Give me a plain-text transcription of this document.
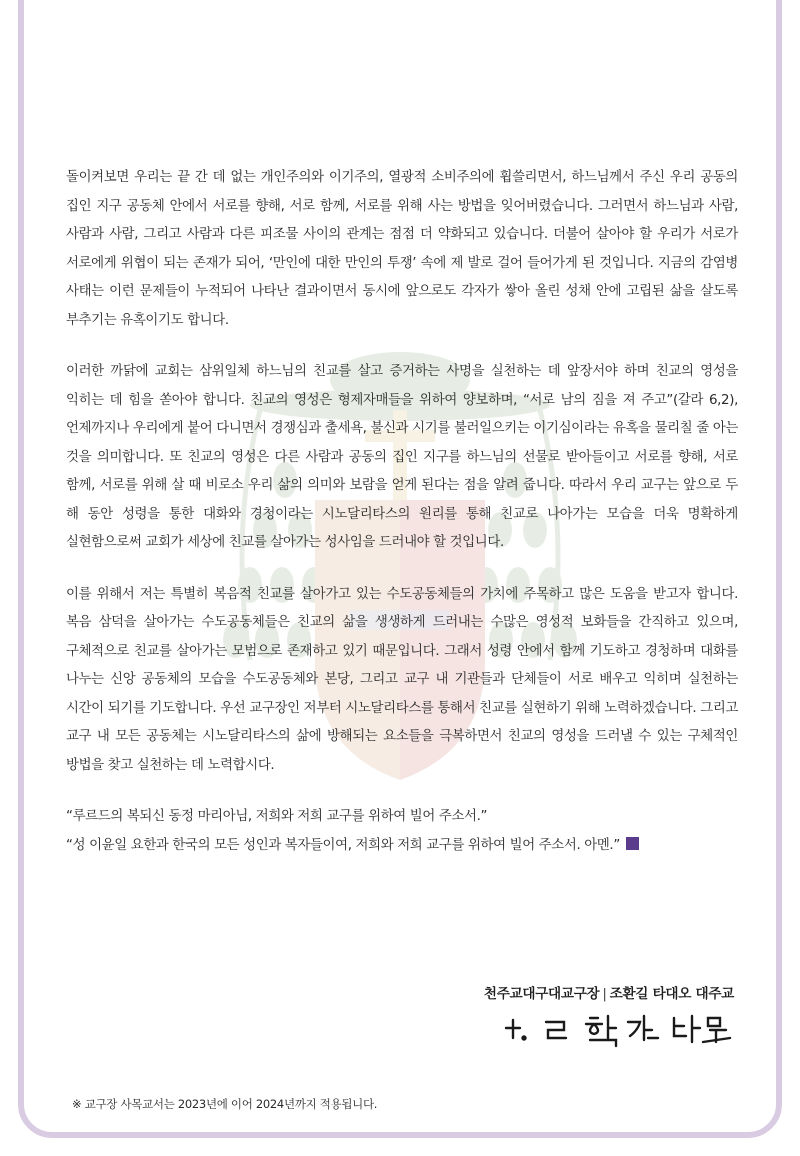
돌이켜보면 우리는 끝 간 데 없는 개인주의와 이기주의, 열광적 소비주의에 휩쓸리면서, 하느님께서 주신 우리 공동의 집인 지구 공동체 안에서 서로를 향해, 서로 함께, 서로를 위해 사는 방법을 잊어버렸습니다. 그러면서 하느님과 사람, 사람과 사람, 그리고 사람과 다른 피조물 사이의 관계는 점점 더 약화되고 있습니다. 더불어 살아야 할 우리가 서로가 서로에게 위협이 되는 존재가 되어, ‘만인에 대한 만인의 투쟁’ 속에 제 발로 걸어 들어가게 된 것입니다. 지금의 감염병 사태는 이런 문제들이 누적되어 나타난 결과이면서 동시에 앞으로도 각자가 쌓아 올린 성채 안에 고립된 삶을 살도록 부추기는 유혹이기도 합니다.

이러한 까닭에 교회는 삼위일체 하느님의 친교를 살고 증거하는 사명을 실천하는 데 앞장서야 하며 친교의 영성을 익히는 데 힘을 쏟아야 합니다. 친교의 영성은 형제자매들을 위하여 양보하며, “서로 남의 짐을 져 주고”(갈라 6,2), 언제까지나 우리에게 붙어 다니면서 경쟁심과 출세욕, 불신과 시기를 불러일으키는 이기심이라는 유혹을 물리칠 줄 아는 것을 의미합니다. 또 친교의 영성은 다른 사람과 공동의 집인 지구를 하느님의 선물로 받아들이고 서로를 향해, 서로 함께, 서로를 위해 살 때 비로소 우리 삶의 의미와 보람을 얻게 된다는 점을 알려 줍니다. 따라서 우리 교구는 앞으로 두 해 동안 성령을 통한 대화와 경청이라는 시노달리타스의 원리를 통해 친교로 나아가는 모습을 더욱 명확하게 실현함으로써 교회가 세상에 친교를 살아가는 성사임을 드러내야 할 것입니다.

이를 위해서 저는 특별히 복음적 친교를 살아가고 있는 수도공동체들의 가치에 주목하고 많은 도움을 받고자 합니다. 복음 삼덕을 살아가는 수도공동체들은 친교의 삶을 생생하게 드러내는 수많은 영성적 보화들을 간직하고 있으며, 구체적으로 친교를 살아가는 모범으로 존재하고 있기 때문입니다. 그래서 성령 안에서 함께 기도하고 경청하며 대화를 나누는 신앙 공동체의 모습을 수도공동체와 본당, 그리고 교구 내 기관들과 단체들이 서로 배우고 익히며 실천하는 시간이 되기를 기도합니다. 우선 교구장인 저부터 시노달리타스를 통해서 친교를 실현하기 위해 노력하겠습니다. 그리고 교구 내 모든 공동체는 시노달리타스의 삶에 방해되는 요소들을 극복하면서 친교의 영성을 드러낼 수 있는 구체적인 방법을 찾고 실천하는 데 노력합시다.

“루르드의 복되신 동정 마리아님, 저희와 저희 교구를 위하여 빌어 주소서.”

“성 이윤일 요한과 한국의 모든 성인과 복자들이여, 저희와 저희 교구를 위하여 빌어 주소서. 아멘.”

천주교대구대교구장 | 조환길 타대오 대주교
※ 교구장 사목교서는 2023년에 이어 2024년까지 적용됩니다.
